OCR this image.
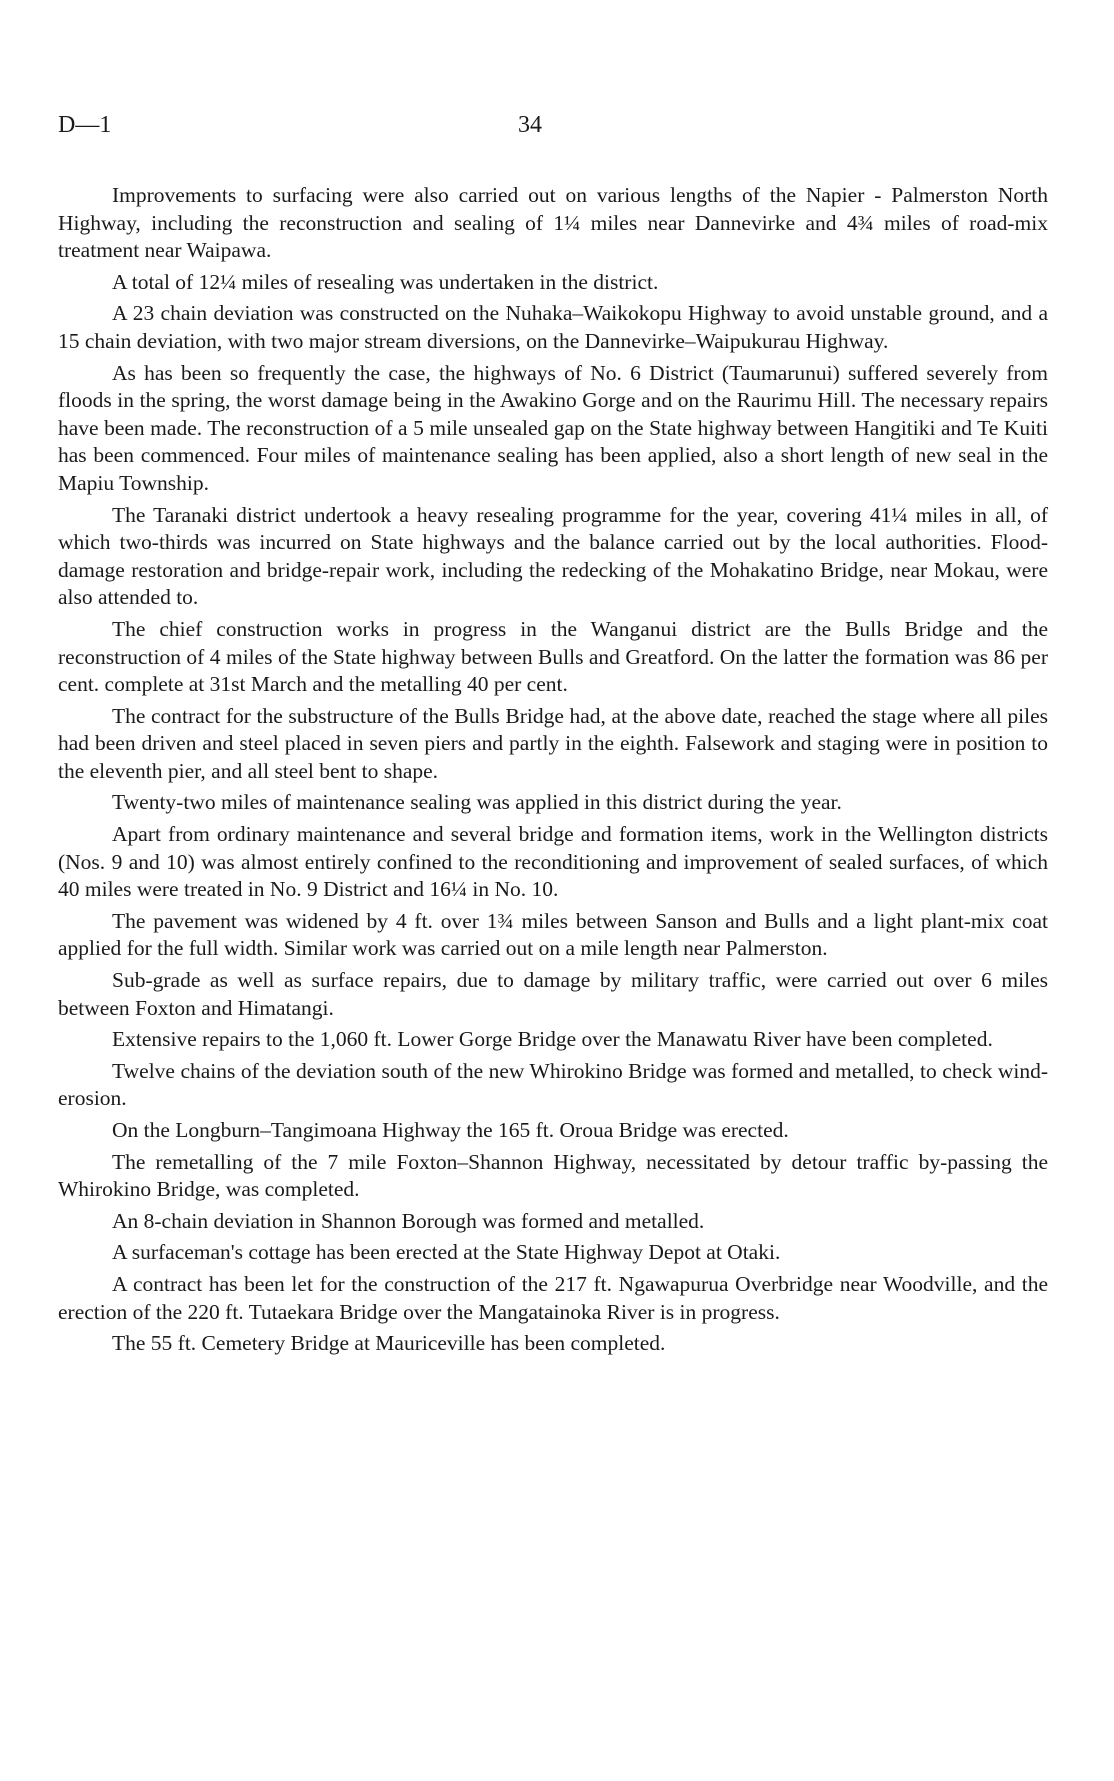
D—1	34

Improvements to surfacing were also carried out on various lengths of the Napier - Palmerston North Highway, including the reconstruction and sealing of 1¼ miles near Dannevirke and 4¾ miles of road-mix treatment near Waipawa.

A total of 12¼ miles of resealing was undertaken in the district.

A 23 chain deviation was constructed on the Nuhaka–Waikokopu Highway to avoid unstable ground, and a 15 chain deviation, with two major stream diversions, on the Dannevirke–Waipukurau Highway.

As has been so frequently the case, the highways of No. 6 District (Taumarunui) suffered severely from floods in the spring, the worst damage being in the Awakino Gorge and on the Raurimu Hill. The necessary repairs have been made. The reconstruction of a 5 mile unsealed gap on the State highway between Hangitiki and Te Kuiti has been commenced. Four miles of maintenance sealing has been applied, also a short length of new seal in the Mapiu Township.

The Taranaki district undertook a heavy resealing programme for the year, covering 41¼ miles in all, of which two-thirds was incurred on State highways and the balance carried out by the local authorities. Flood-damage restoration and bridge-repair work, including the redecking of the Mohakatino Bridge, near Mokau, were also attended to.

The chief construction works in progress in the Wanganui district are the Bulls Bridge and the reconstruction of 4 miles of the State highway between Bulls and Greatford. On the latter the formation was 86 per cent. complete at 31st March and the metalling 40 per cent.

The contract for the substructure of the Bulls Bridge had, at the above date, reached the stage where all piles had been driven and steel placed in seven piers and partly in the eighth. Falsework and staging were in position to the eleventh pier, and all steel bent to shape.

Twenty-two miles of maintenance sealing was applied in this district during the year.

Apart from ordinary maintenance and several bridge and formation items, work in the Wellington districts (Nos. 9 and 10) was almost entirely confined to the reconditioning and improvement of sealed surfaces, of which 40 miles were treated in No. 9 District and 16¼ in No. 10.

The pavement was widened by 4 ft. over 1¾ miles between Sanson and Bulls and a light plant-mix coat applied for the full width. Similar work was carried out on a mile length near Palmerston.

Sub-grade as well as surface repairs, due to damage by military traffic, were carried out over 6 miles between Foxton and Himatangi.

Extensive repairs to the 1,060 ft. Lower Gorge Bridge over the Manawatu River have been completed.

Twelve chains of the deviation south of the new Whirokino Bridge was formed and metalled, to check wind-erosion.

On the Longburn–Tangimoana Highway the 165 ft. Oroua Bridge was erected.

The remetalling of the 7 mile Foxton–Shannon Highway, necessitated by detour traffic by-passing the Whirokino Bridge, was completed.

An 8-chain deviation in Shannon Borough was formed and metalled.

A surfaceman's cottage has been erected at the State Highway Depot at Otaki.

A contract has been let for the construction of the 217 ft. Ngawapurua Overbridge near Woodville, and the erection of the 220 ft. Tutaekara Bridge over the Mangatainoka River is in progress.

The 55 ft. Cemetery Bridge at Mauriceville has been completed.
